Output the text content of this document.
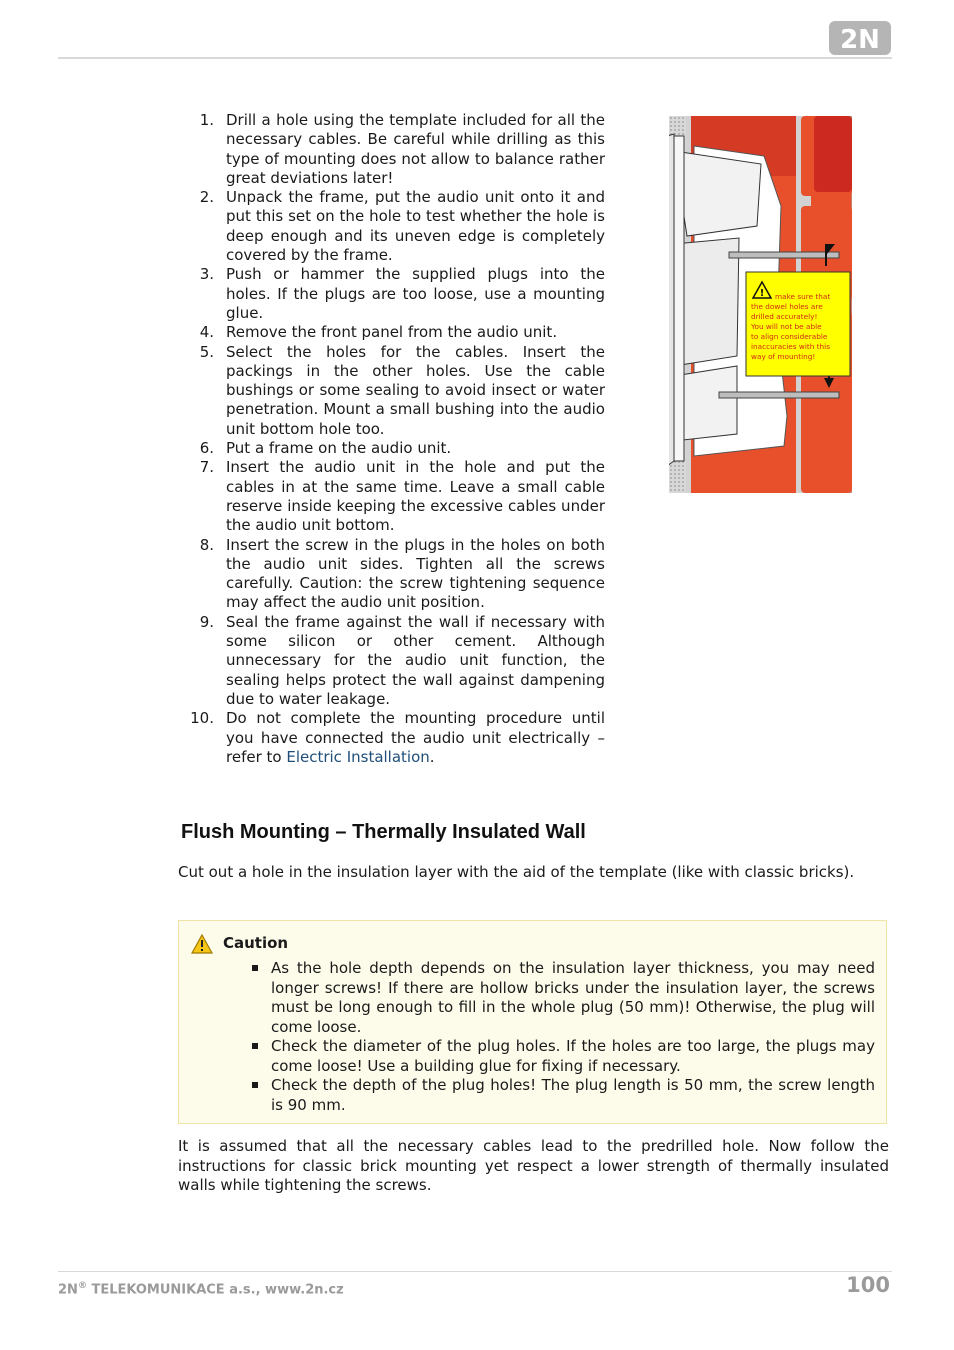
2N
1. Drill a hole using the template included for all the necessary cables. Be careful while drilling as this type of mounting does not allow to balance rather great deviations later!
2. Unpack the frame, put the audio unit onto it and put this set on the hole to test whether the hole is deep enough and its uneven edge is completely covered by the frame.
3. Push or hammer the supplied plugs into the holes. If the plugs are too loose, use a mounting glue.
4. Remove the front panel from the audio unit.
5. Select the holes for the cables. Insert the packings in the other holes. Use the cable bushings or some sealing to avoid insect or water penetration. Mount a small bushing into the audio unit bottom hole too.
6. Put a frame on the audio unit.
7. Insert the audio unit in the hole and put the cables in at the same time. Leave a small cable reserve inside keeping the excessive cables under the audio unit bottom.
8. Insert the screw in the plugs in the holes on both the audio unit sides. Tighten all the screws carefully. Caution: the screw tightening sequence may affect the audio unit position.
9. Seal the frame against the wall if necessary with some silicon or other cement. Although unnecessary for the audio unit function, the sealing helps protect the wall against dampening due to water leakage.
10. Do not complete the mounting procedure until you have connected the audio unit electrically – refer to Electric Installation.
!	make sure that the dowel holes are drilled accurately! You will not be able to align considerable inaccuracies with this way of mounting!
Flush Mounting – Thermally Insulated Wall

Cut out a hole in the insulation layer with the aid of the template (like with classic bricks).

Caution
As the hole depth depends on the insulation layer thickness, you may need longer screws! If there are hollow bricks under the insulation layer, the screws must be long enough to fill in the whole plug (50 mm)! Otherwise, the plug will come loose.
Check the diameter of the plug holes. If the holes are too large, the plugs may come loose! Use a building glue for fixing if necessary.
Check the depth of the plug holes! The plug length is 50 mm, the screw length is 90 mm.

It is assumed that all the necessary cables lead to the predrilled hole. Now follow the instructions for classic brick mounting yet respect a lower strength of thermally insulated walls while tightening the screws.

2N® TELEKOMUNIKACE a.s., www.2n.cz	100
